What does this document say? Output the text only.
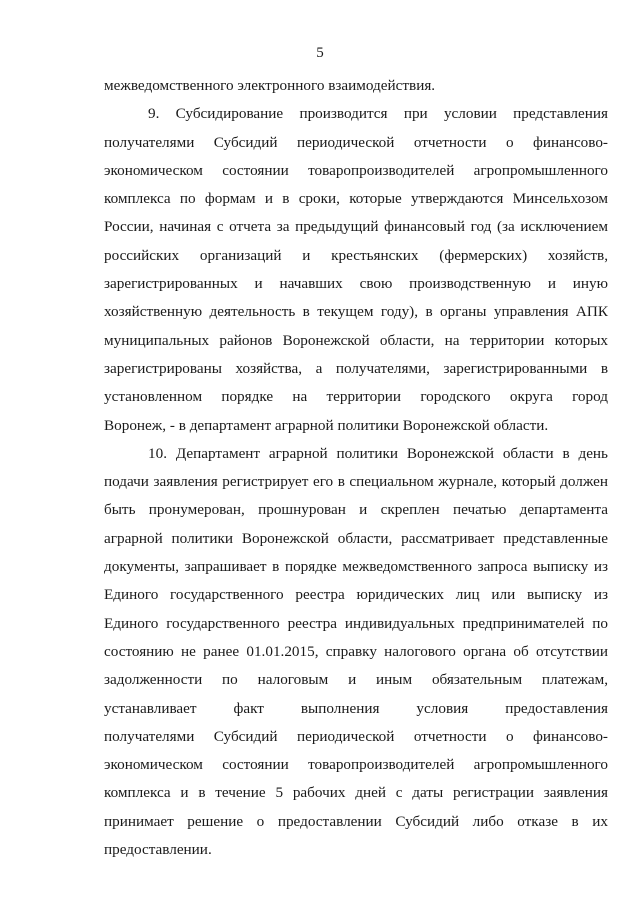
5
межведомственного электронного взаимодействия.
9. Субсидирование производится при условии представления
получателями Субсидий периодической отчетности о финансово-
экономическом состоянии товаропроизводителей агропромышленного
комплекса по формам и в сроки, которые утверждаются Минсельхозом
России, начиная с отчета за предыдущий финансовый год (за исключением
российских организаций и крестьянских (фермерских) хозяйств,
зарегистрированных и начавших свою производственную и иную
хозяйственную деятельность в текущем году), в органы управления АПК
муниципальных районов Воронежской области, на территории которых
зарегистрированы хозяйства, а получателями, зарегистрированными в
установленном порядке на территории городского округа город
Воронеж, - в департамент аграрной политики Воронежской области.
10. Департамент аграрной политики Воронежской области в день
подачи заявления регистрирует его в специальном журнале, который должен
быть пронумерован, прошнурован и скреплен печатью департамента
аграрной политики Воронежской области, рассматривает представленные
документы, запрашивает в порядке межведомственного запроса выписку из
Единого государственного реестра юридических лиц или выписку из
Единого государственного реестра индивидуальных предпринимателей по
состоянию не ранее 01.01.2015, справку налогового органа об отсутствии
задолженности по налоговым и иным обязательным платежам,
устанавливает факт выполнения условия предоставления
получателями Субсидий периодической отчетности о финансово-
экономическом состоянии товаропроизводителей агропромышленного
комплекса и в течение 5 рабочих дней с даты регистрации заявления
принимает решение о предоставлении Субсидий либо отказе в их
предоставлении.
